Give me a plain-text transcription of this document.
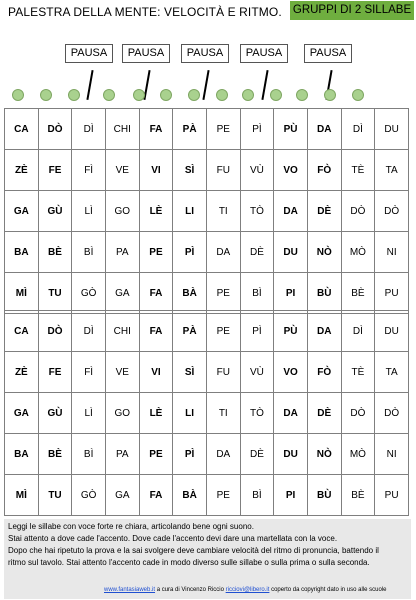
PALESTRA DELLA MENTE: VELOCITÀ E RITMO. GRUPPI DI 2 SILLABE
PAUSA	PAUSA	PAUSA	PAUSA	PAUSA
CA	DÒ	DÌ	CHI	FA	PÀ	PE	PÌ	PÙ	DA	DÌ	DU
ZÈ	FE	FÌ	VE	VI	SÌ	FU	VÙ	VO	FÒ	TÈ	TA
GA	GÙ	LÌ	GO	LÈ	LI	TI	TÒ	DA	DÈ	DÒ	DÒ
BA	BÈ	BÌ	PA	PE	PÌ	DA	DÈ	DU	NÒ	MÒ	NI
MÌ	TU	GÒ	GA	FA	BÀ	PE	BÌ	PI	BÙ	BÈ	PU
CA	DÒ	DÌ	CHI	FA	PÀ	PE	PÌ	PÙ	DA	DÌ	DU
ZÈ	FE	FÌ	VE	VI	SÌ	FU	VÙ	VO	FÒ	TÈ	TA
GA	GÙ	LÌ	GO	LÈ	LI	TI	TÒ	DA	DÈ	DÒ	DÒ
BA	BÈ	BÌ	PA	PE	PÌ	DA	DÈ	DU	NÒ	MÒ	NI
MÌ	TU	GÒ	GA	FA	BÀ	PE	BÌ	PI	BÙ	BÈ	PU
Leggi le sillabe con voce forte re chiara, articolando bene ogni suono.
Stai attento a dove cade l'accento. Dove cade l'accento devi dare una martellata con la voce.
Dopo che hai ripetuto la prova e la sai svolgere deve cambiare velocità del ritmo di pronuncia, battendo il
ritmo sul tavolo. Stai attento l'accento cade in modo diverso sulle sillabe o sulla prima o sulla seconda.
www.fantasiaweb.it a cura di Vincenzo Riccio ricciovi@libero.it coperto da copyright dato in uso alle scuole
